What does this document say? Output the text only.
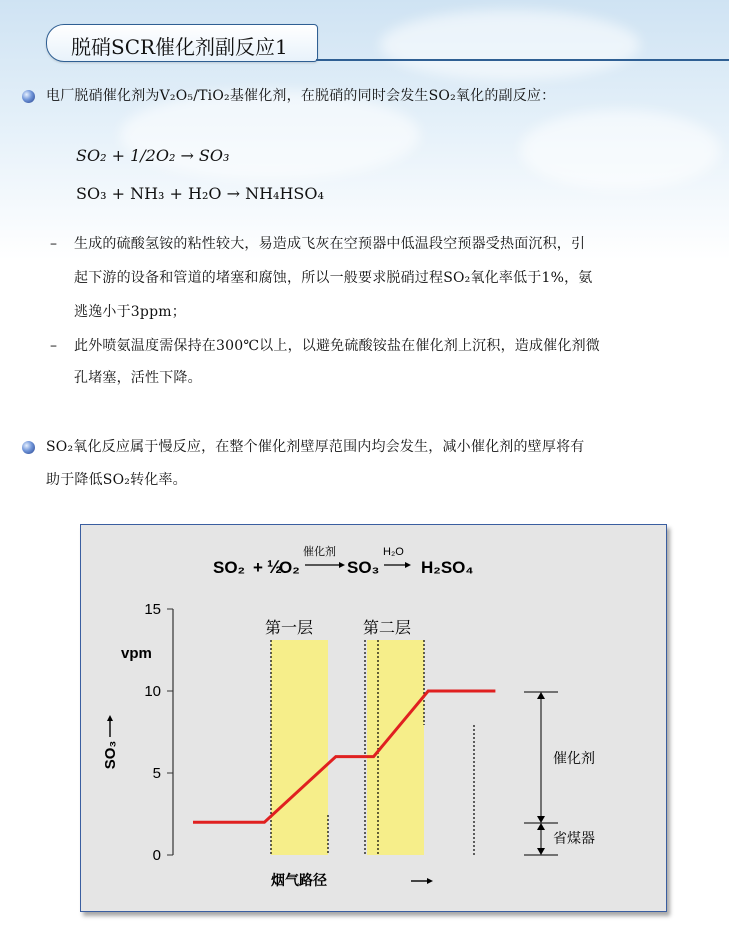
脱硝SCR催化剂副反应1
电厂脱硝催化剂为V₂O₅/TiO₂基催化剂，在脱硝的同时会发生SO₂氧化的副反应：
SO₂ + 1/2O₂ → SO₃
SO₃ + NH₃ + H₂O → NH₄HSO₄
– 生成的硫酸氢铵的粘性较大，易造成飞灰在空预器中低温段空预器受热面沉积，引
起下游的设备和管道的堵塞和腐蚀，所以一般要求脱硝过程SO₂氧化率低于1%，氨
逃逸小于3ppm；
– 此外喷氨温度需保持在300℃以上，以避免硫酸铵盐在催化剂上沉积，造成催化剂微
孔堵塞，活性下降。
SO₂氧化反应属于慢反应，在整个催化剂壁厚范围内均会发生，减小催化剂的壁厚将有
助于降低SO₂转化率。
SO₂ + ½
O₂
催化剂
SO₃
H₂O
H₂SO₄
第一层	第二层
0
5
10
15
vpm
SO₃	催化剂
省煤器
烟气路径
